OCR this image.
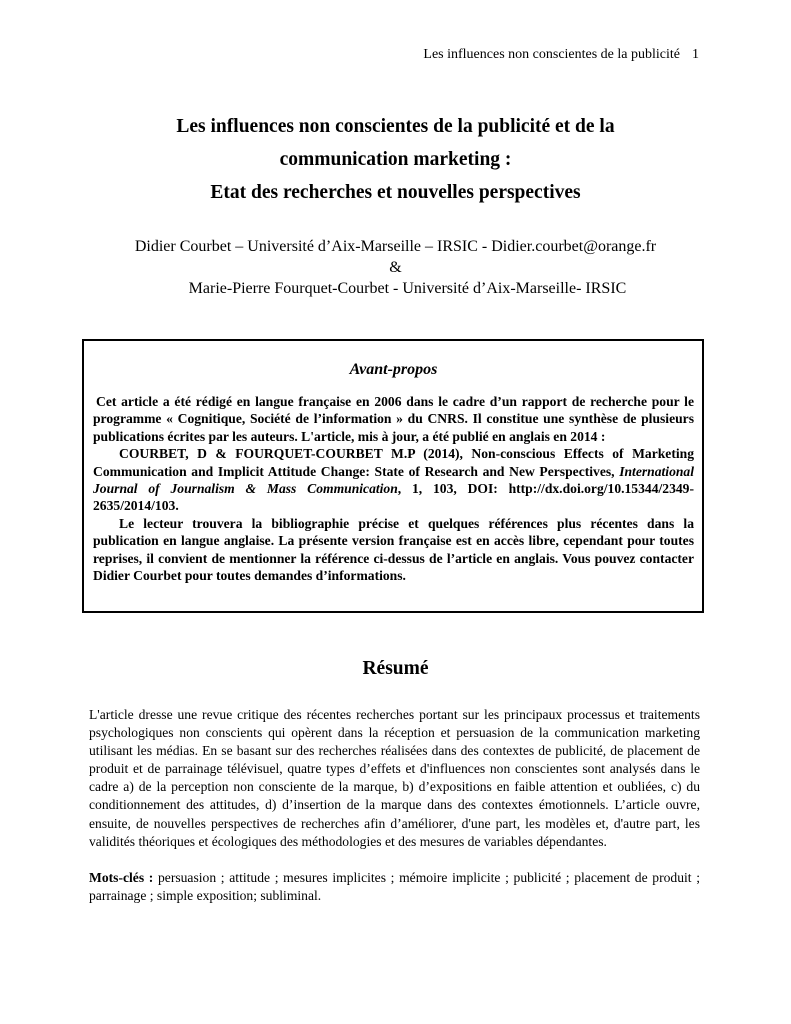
Les influences non conscientes de la publicité 1
Les influences non conscientes de la publicité et de la
communication marketing :
Etat des recherches et nouvelles perspectives
Didier Courbet – Université d’Aix-Marseille – IRSIC - Didier.courbet@orange.fr
&
Marie-Pierre Fourquet-Courbet - Université d’Aix-Marseille- IRSIC
Avant-propos

Cet article a été rédigé en langue française en 2006 dans le cadre d’un rapport de recherche pour le programme « Cognitique, Société de l’information » du CNRS. Il constitue une synthèse de plusieurs publications écrites par les auteurs. L'article, mis à jour, a été publié en anglais en 2014 :

COURBET, D & FOURQUET-COURBET M.P (2014), Non-conscious Effects of Marketing Communication and Implicit Attitude Change: State of Research and New Perspectives, International Journal of Journalism & Mass Communication, 1, 103, DOI: http://dx.doi.org/10.15344/2349-2635/2014/103.

Le lecteur trouvera la bibliographie précise et quelques références plus récentes dans la publication en langue anglaise. La présente version française est en accès libre, cependant pour toutes reprises, il convient de mentionner la référence ci-dessus de l’article en anglais. Vous pouvez contacter Didier Courbet pour toutes demandes d’informations.

Résumé

L'article dresse une revue critique des récentes recherches portant sur les principaux processus et traitements psychologiques non conscients qui opèrent dans la réception et persuasion de la communication marketing utilisant les médias. En se basant sur des recherches réalisées dans des contextes de publicité, de placement de produit et de parrainage télévisuel, quatre types d’effets et d'influences non conscientes sont analysés dans le cadre a) de la perception non consciente de la marque, b) d’expositions en faible attention et oubliées, c) du conditionnement des attitudes, d) d’insertion de la marque dans des contextes émotionnels. L’article ouvre, ensuite, de nouvelles perspectives de recherches afin d’améliorer, d'une part, les modèles et, d'autre part, les validités théoriques et écologiques des méthodologies et des mesures de variables dépendantes.

Mots-clés : persuasion ; attitude ; mesures implicites ; mémoire implicite ; publicité ; placement de produit ; parrainage ; simple exposition; subliminal.
